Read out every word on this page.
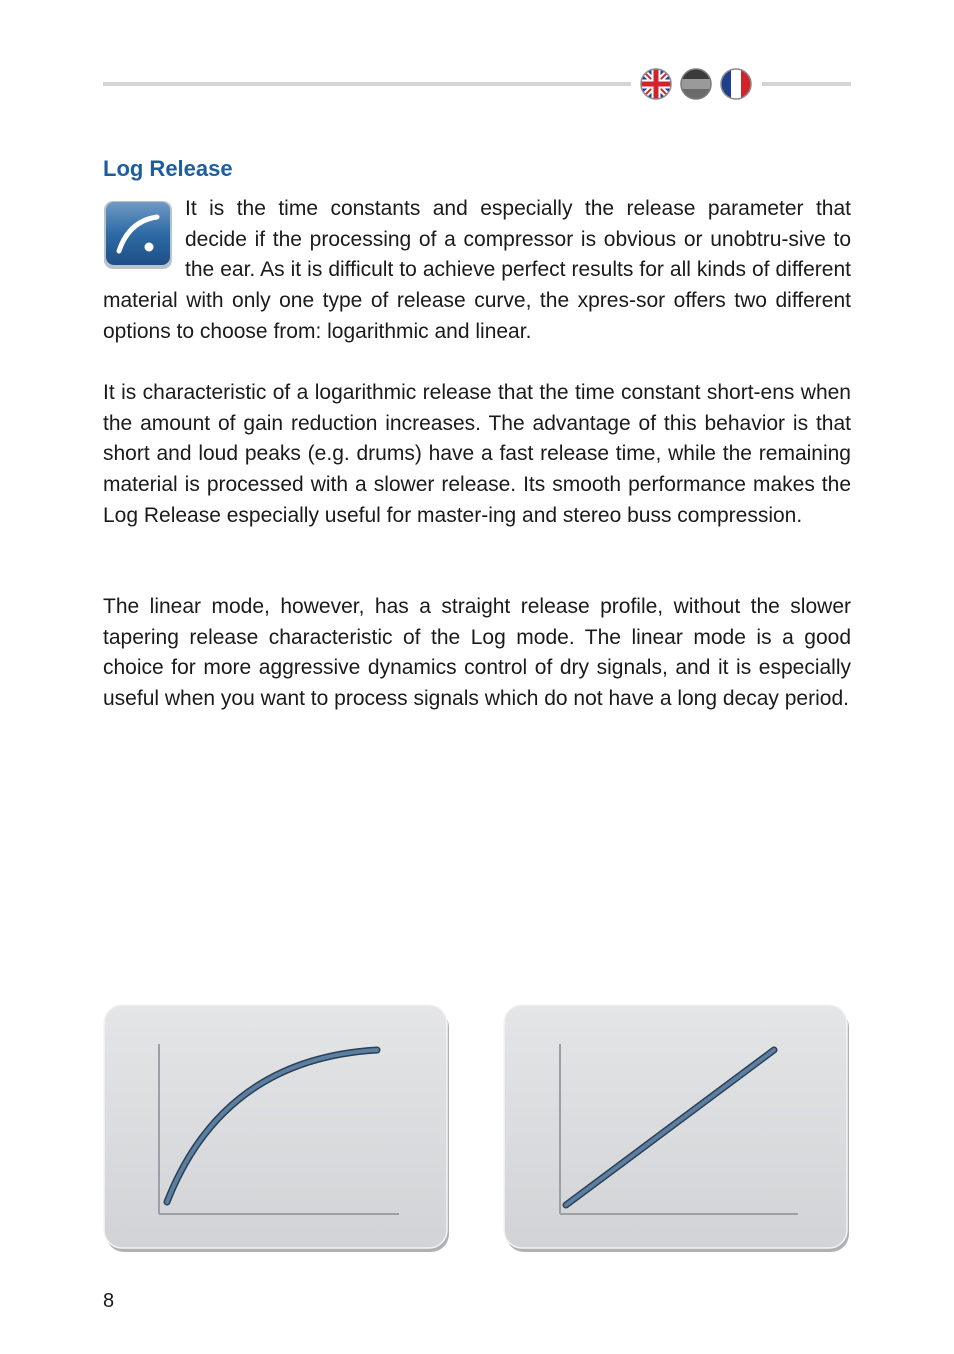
Log Release

It is the time constants and especially the release parameter that decide if the processing of a compressor is obvious or unobtru-sive to the ear. As it is difficult to achieve perfect results for all kinds of different material with only one type of release curve, the xpres-sor offers two different options to choose from: logarithmic and linear.

It is characteristic of a logarithmic release that the time constant short-ens when the amount of gain reduction increases. The advantage of this behavior is that short and loud peaks (e.g. drums) have a fast release time, while the remaining material is processed with a slower release. Its smooth performance makes the Log Release especially useful for master-ing and stereo buss compression.

The linear mode, however, has a straight release profile, without the slower tapering release characteristic of the Log mode. The linear mode is a good choice for more aggressive dynamics control of dry signals, and it is especially useful when you want to process signals which do not have a long decay period.

8
